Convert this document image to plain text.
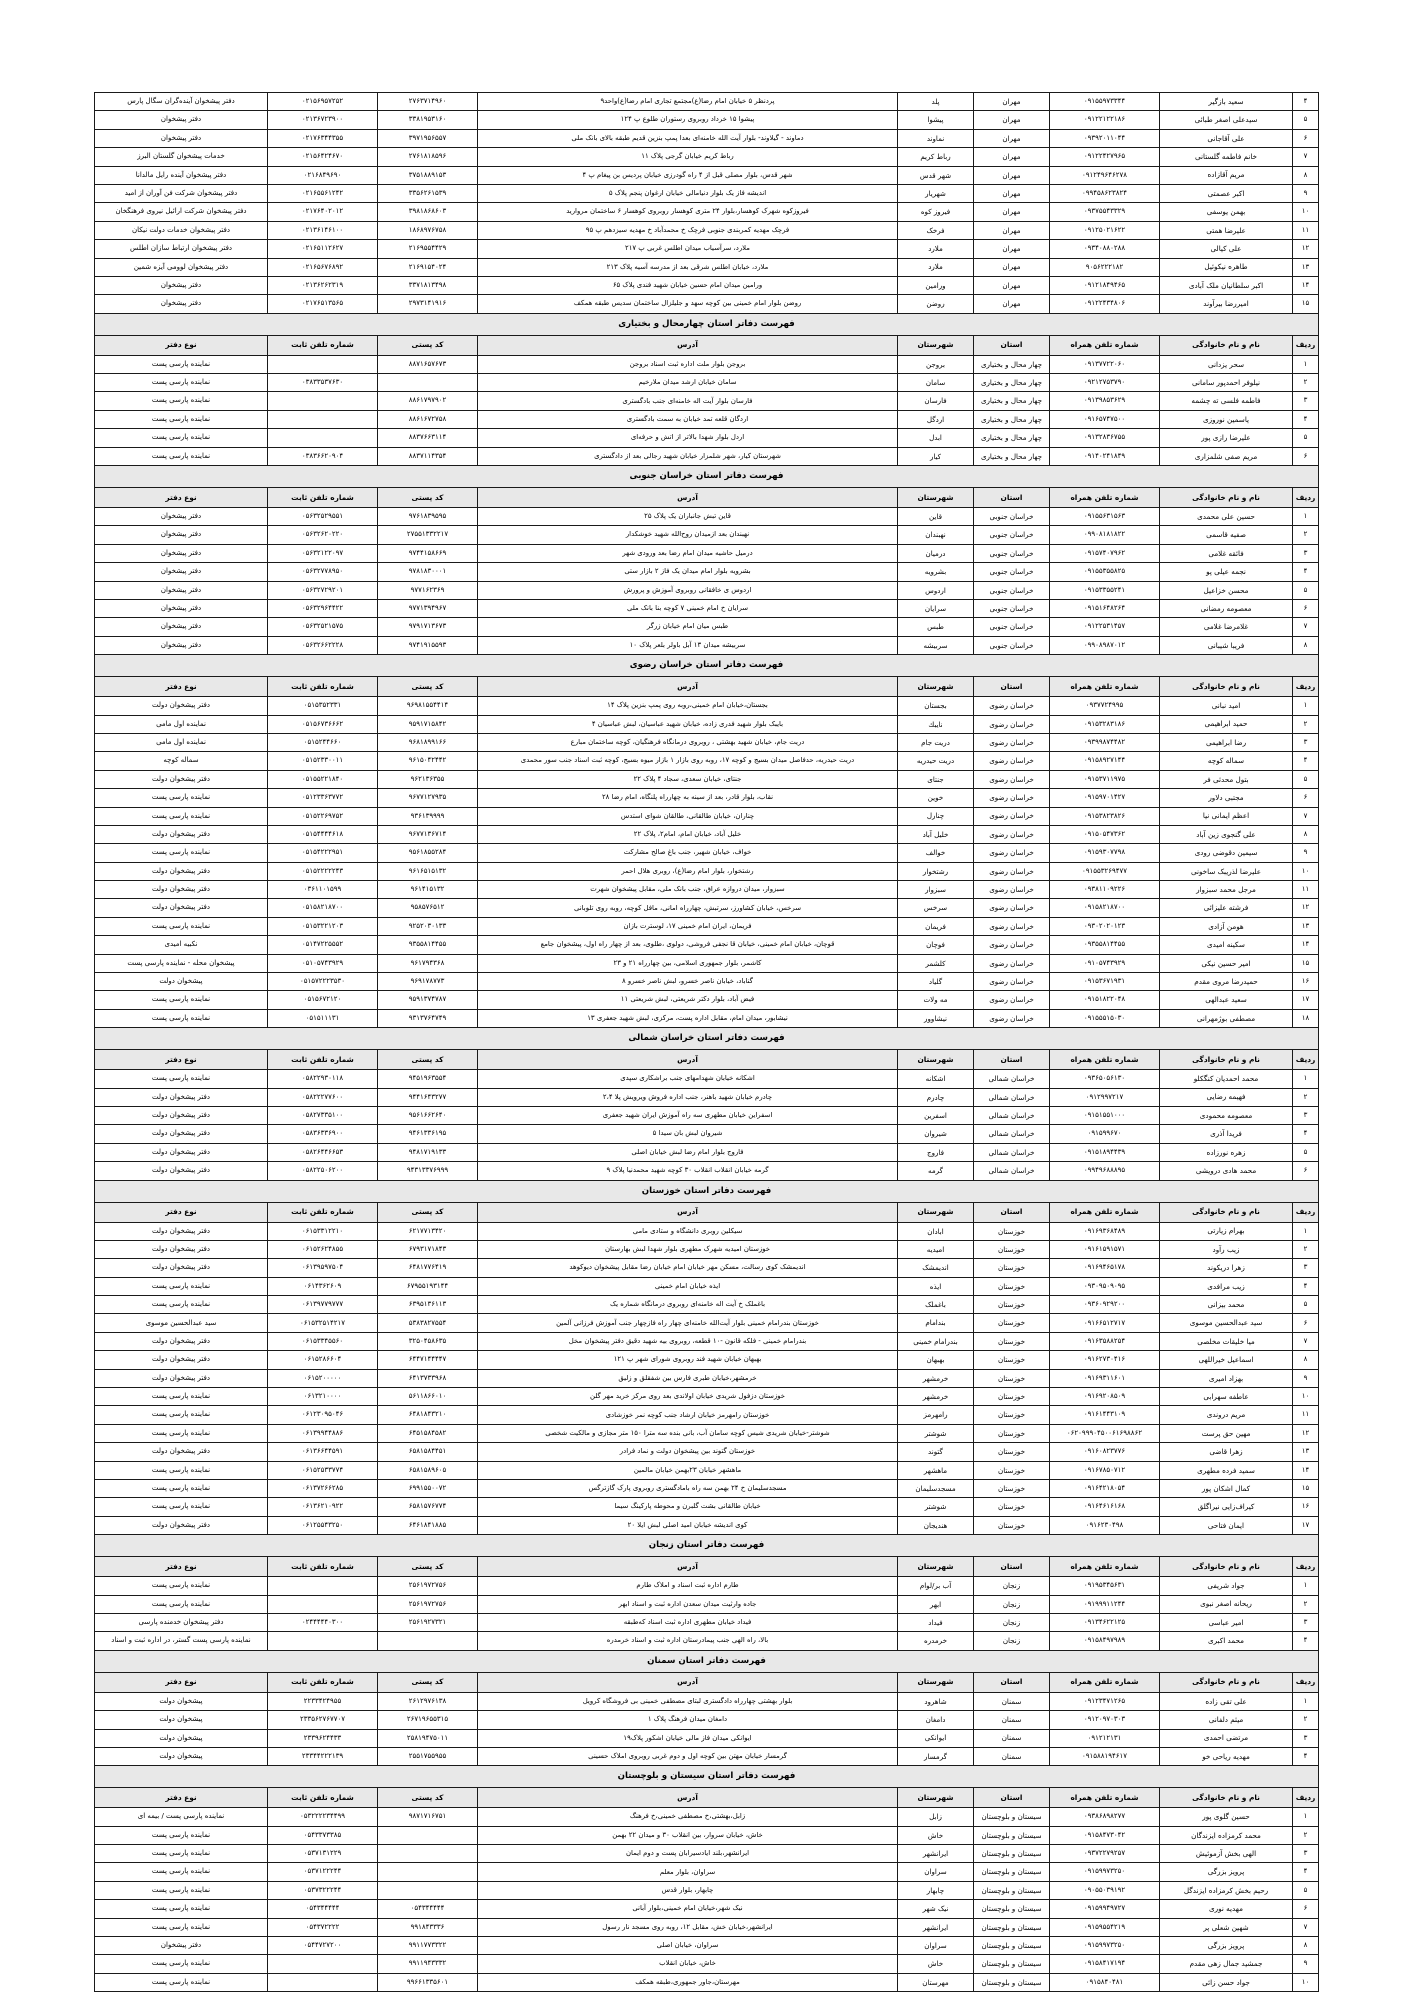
۴	سعید بازگیر	۰۹۱۵۵۹۷۳۳۴۴	مهران	پلد	پردنظر ۵ خیابان امام رضا(ع)مجتمع تجاری امام رضا(ع)واحد۹	۲۷۶۳۷۱۴۹۶۰	۰۲۱۵۶۹۵۷۲۵۲	دفتر پیشخوان آینده‌گران سگال پارس
۵	سیدعلی اصغر طبائی	۰۹۱۲۲۱۲۲۱۸۶	مهران	پیشوا	پیشوا ۱۵ خرداد روبروی رستوران طلوع پ ۱۲۴	۳۳۸۱۹۵۳۱۶۰	۰۲۱۳۶۷۲۳۹۰۰	دفتر پیشخوان
۶	علی آقاجانی	۰۹۳۹۲۰۱۱۰۴۴	مهران	نماوند	دماوند - گیلاوند- بلوار آیت الله خامنه‌ای بعدا پمپ بنزین قدیم طبقه بالای بانک ملی	۳۹۷۱۹۵۶۵۵۷	۰۲۱۷۶۳۴۴۳۵۵	دفتر پیشخوان
۷	خانم فاطمه گلستانی	۰۹۱۲۲۴۲۷۹۶۵	مهران	رباط کریم	رباط کریم خیابان گرجی پلاک ۱۱	۲۷۶۱۸۱۸۵۹۶	۰۲۱۵۶۴۲۴۶۷۰	خدمات پیشخوان گلستان البرز
۸	مریم آقازاده	۰۹۱۲۴۹۶۴۶۲۷۸	مهران	شهر قدس	شهر قدس، بلوار مصلی قبل از ۴ راه گودرزی خیابان پردیس بن پیغام پ ۴	۳۷۵۱۸۸۹۱۵۳	۰۲۱۶۸۴۹۶۹۰	دفتر پیشخوان آینده رایل مالدانا
۹	اکبر عصمتی	۰۹۹۴۵۸۶۲۳۸۲۴	مهران	شهریار	اندیشه فاز یک بلوار دنیامالی خیابان ارغوان پنجم پلاک ۵	۳۳۵۶۲۶۱۵۳۹	۰۲۱۶۵۵۶۱۲۴۲	دفتر پیشخوان شرکت فن آوران از امید
۱۰	بهمن یوسفی	۰۹۳۷۵۵۴۳۳۲۹	مهران	فیروز کوه	فیروزکوه شهرک کوهسار،بلوار ۲۴ متری کوهسار روبروی کوهسار ۶ ساختمان مروارید	۳۹۸۱۸۶۸۶۰۳	۰۲۱۷۶۴۰۲۰۱۲	دفتر پیشخوان شرکت ارائیل نیروی فرهنگخان
۱۱	علیرضا همتی	۰۹۱۲۵۰۲۱۶۲۲	مهران	فرخک	فرچک مهدیه کمربندی جنوبی فرچک خ محمدآباد خ مهدیه سیزدهم پ ۹۵	۱۸۶۸۹۷۶۷۵۸	۰۲۱۳۶۱۴۶۱۰۰	دفتر پیشخوان خدمات دولت نیکان
۱۲	علی کیالی	۰۹۳۴۰۸۸۰۲۸۸	مهران	ملارد	ملارد، سرآسیاب میدان اطلس غربی پ ۲۱۷	۲۱۶۹۵۵۴۴۲۹	۰۲۱۶۵۱۱۲۶۲۷	دفتر پیشخوان ارتباط سازان اطلس
۱۳	طاهره نیکوئیل	۹۰۵۶۲۲۲۱۸۲	مهران	ملارد	ملارد، خیابان اطلس شرقی بعد از مدرسه آسیه پلاک ۲۱۳	۲۱۶۹۱۵۴۰۲۴	۰۲۱۶۵۶۷۶۸۹۲	دفتر پیشخوان لوومی آیزه شمین
۱۴	اکبر سلطانیان ملک آبادی	۰۹۱۲۱۸۴۹۴۶۵	مهران	ورامین	ورامین میدان امام حسین خیابان شهید فندی پلاک ۶۵	۳۳۷۱۸۱۳۴۹۸	۰۲۱۳۶۲۶۲۳۱۹	دفتر پیشخوان
۱۵	امیررضا بیرآوند	۰۹۱۲۲۴۳۴۸۰۶	مهران	روضن	روضن بلوار امام خمینی بین کوچه سهد و جلیلزال ساختمان سدیس طبقه همکف	۲۹۷۳۱۴۱۹۱۶	۰۲۱۷۶۵۱۳۵۶۵	دفتر پیشخوان
فهرست دفاتر استان چهارمحال و بختیاری								
ردیف	نام و نام خانوادگی	شماره تلفن همراه	استان	شهرستان	آدرس	کد پستی	شماره تلفن ثابت	نوع دفتر
۱	سحر یزدانی	۰۹۱۳۷۷۲۲۰۶۰	چهار محال و بختیاری	بروجن	بروجن بلوار ملت اداره ثبت اسناد بروجن	۸۸۷۱۶۵۷۶۷۳		نماینده پارسی پست
۲	نیلوفر احمدپور سامانی	۰۹۲۱۲۷۵۳۷۹۰	چهار محال و بختیاری	سامان	سامان خیابان ارشد میدان ملارخیم		۰۳۸۳۳۵۳۷۶۳۰	نماینده پارسی پست
۳	فاطمه فلسی ته چشمه	۰۹۱۳۹۸۵۳۶۲۹	چهار محال و بختیاری	فارسان	فارسان بلوار آیت اله خامنه‌ای جنب بادگستری	۸۸۶۱۷۹۷۹۰۲		نماینده پارسی پست
۴	یاسمین نوروزی	۰۹۱۶۵۷۴۷۵۰۰	چهار محال و بختیاری	اردگل	اردگان قلعه تمد خیابان به سمت بادگستری	۸۸۶۱۶۷۲۷۵۸		نماینده پارسی پست
۵	علیرضا رازی پور	۰۹۱۳۲۸۳۶۷۵۵	چهار محال و بختیاری	ابدل	اردل بلوار شهدا بالاتر از اتش و حرفه‌ای	۸۸۳۷۶۶۳۱۱۴		نماینده پارسی پست
۶	مریم صفی شلمزاری	۰۹۱۴۰۲۴۱۸۴۹	چهار محال و بختیاری	کیار	شهرستان کیار، شهر شلمزار خیابان شهید رجالی بعد از دادگستری	۸۸۳۷۱۱۴۳۵۴	۰۳۸۳۶۶۲۰۹۰۴	نماینده پارسی پست
فهرست دفاتر استان خراسان جنوبی								
ردیف	نام و نام خانوادگی	شماره تلفن همراه	استان	شهرستان	آدرس	کد پستی	شماره تلفن ثابت	نوع دفتر
۱	حسین علی محمدی	۰۹۱۵۵۶۳۱۵۶۳	خراسان جنوبی	قاین	قاین تبش جانباران یک پلاک ۲۵	۹۷۶۱۸۳۹۵۹۵	۰۵۶۳۲۵۲۹۵۵۱	دفتر پیشخوان
۲	صفیه قاسمی	۰۹۹۰۸۱۸۱۸۲۲	خراسان جنوبی	نهبندان	نهبندان بعد ازمیدان روح‌الله شهید خوشکدار	۲۷۵۵۱۳۳۲۲۱۷	۰۵۶۳۲۶۲۰۲۲۰	دفتر پیشخوان
۳	فائقه غلامی	۰۹۱۵۷۴۰۷۹۶۲	خراسان جنوبی	درمیان	درمیل حاشیه میدان امام رضا بعد ورودی شهر	۹۷۴۴۱۵۸۶۶۹	۰۵۶۳۲۱۲۲۰۹۷	دفتر پیشخوان
۴	نجمه عیلی پو	۰۹۱۵۵۳۵۵۸۲۵	خراسان جنوبی	بشرویه	بشرویه بلوار امام میدان یک فاز ۲ بازار ستی	۹۷۸۱۸۳۰۰۰۱	۰۵۶۳۲۷۷۸۹۵۰	دفتر پیشخوان
۵	محسن خزاعیل	۰۹۱۵۳۳۵۵۲۴۱	خراسان جنوبی	اردوس	اردوس ی خافقانی روبروی آموزش و پرورش	۹۷۷۱۶۲۳۶۹	۰۵۶۳۲۷۲۹۲۰۱	دفتر پیشخوان
۶	معصومه رمضانی	۰۹۱۵۱۶۴۸۲۶۴	خراسان جنوبی	سرایان	سرایان خ امام خمینی ۷ کوچه بنا بانک ملی	۹۷۷۱۳۹۴۹۶۷	۰۵۶۳۲۹۶۴۴۲۲	دفتر پیشخوان
۷	غلامرضا غلامی	۰۹۱۲۲۵۳۱۴۵۷	خراسان جنوبی	طبس	طبس میان امام خیابان زرگر	۹۷۹۱۷۱۳۶۷۳	۰۵۶۳۲۵۲۱۵۷۵	دفتر پیشخوان
۸	فریبا شیبانی	۰۹۹۰۸۹۸۷۰۱۲	خراسان جنوبی	سربیشه	سربیشه میدان ۱۳ آبل باولر بلعر پلاک ۱۰	۹۷۴۱۹۱۵۵۹۳	۰۵۶۳۲۶۶۲۲۲۸	دفتر پیشخوان
فهرست دفاتر استان خراسان رضوی								
ردیف	نام و نام خانوادگی	شماره تلفن همراه	استان	شهرستان	آدرس	کد پستی	شماره تلفن ثابت	نوع دفتر
۱	امید نبانی	۰۹۳۷۷۲۴۹۹۵	خراسان رضوی	بجستان	بجستان،خیابان امام خمینی،روبه روی پمپ بنزین پلاک ۱۴	۹۶۹۸۱۵۵۴۴۱۴	۰۵۱۵۳۵۲۳۳۱	دفتر پیشخوان دولت
۲	حمید ابراهیمی	۰۹۱۵۳۲۸۳۱۸۶	خراسان رضوی	نایبك	بایبک بلوار شهید فدری زاده، خیابان شهید عباسیان، لبش عباسیان ۴	۹۵۹۱۷۱۵۸۴۲	۰۵۱۵۶۷۳۶۶۶۲	نماینده اول مامی
۳	رضا ابراهیمی	۰۹۳۹۹۸۷۴۴۸۲	خراسان رضوی	دریت جام	دریت جام، خیابان شهید بهشتی ، روبروی درمانگاه فرهنگیان، کوچه ساختمان مبارع	۹۶۸۱۸۹۹۱۶۶	۰۵۱۵۲۴۴۶۶۰	نماینده اول مامی
۴	سماله کوچه	۰۹۱۵۸۹۲۷۱۴۴	خراسان رضوی	دریت حیدریه	دریت حیدریه، حدفاصل میدان بسیج و کوچه ۱۷، روبه روی بازار ۱ بازار میوه بسیج، کوچه ثبت اسناد جنب سور محمدی	۹۶۱۵۰۴۲۴۴۲	۰۵۱۵۲۳۳۰۰۱۱	سماله کوچه
۵	بتول محدثی فر	۰۹۱۵۳۷۱۱۹۷۵	خراسان رضوی	جنتای	جنتای، خیابان سعدی، سجاد ۴ پلاک ۲۲	۹۶۲۱۳۶۳۵۵	۰۵۱۵۵۲۲۱۸۴۰	دفتر پیشخوان دولت
۶	مجتبی دلاور	۰۹۱۵۹۷۰۱۴۲۷	خراسان رضوی	خوین	نقاب، بلوار قادر، بعد از سینه به چهارراه پلنگاه، امام رضا ۲۸	۹۶۷۷۱۲۷۹۳۵	۰۵۱۲۳۳۶۳۷۷۲	نماینده پارسی پست
۷	اعظم ایمانی نیا	۰۹۱۵۳۸۲۳۸۲۶	خراسان رضوی	چنارل	چناران، خیابان طالقانی، طالقان شوای استدس	۹۳۶۱۳۹۹۹۹	۰۵۱۵۲۲۶۹۷۵۲	نماینده پارسی پست
۸	علی گنجوی زین آباد	۰۹۱۵۰۵۴۷۳۶۲	خراسان رضوی	خلیل آباد	خلیل آباد، خیابان امام، امام۲، پلاک ۲۲	۹۶۷۷۱۳۶۷۱۴	۰۵۱۵۴۴۴۴۶۱۸	دفتر پیشخوان دولت
۹	سیمین دقوضی رودی	۰۹۱۵۹۳۰۷۷۹۸	خراسان رضوی	خوالف	خواف، خیابان شهیر، جنب باغ صالح مشارکت	۹۵۶۱۸۵۵۲۸۴	۰۵۱۵۴۲۲۲۹۵۱	نماینده پارسی پست
۱۰	علیرضا لذریبک ساخونی	۰۹۱۵۵۳۲۶۹۴۷۷	خراسان رضوی	رشتخوار	رشتخوار، بلوار امام رضا(ع)، روبری هلال احمر	۹۶۱۶۵۱۵۱۳۲	۰۵۱۵۲۲۲۲۲۴۳	دفتر پیشخوان دولت
۱۱	مرجل محمد سبزوار	۰۹۳۸۱۱۰۹۲۲۶	خراسان رضوی	سبزوار	سبزوار، میدان دروازه عراق، جنب بانک ملی، مقابل پیشخوان شهرت	۹۶۱۴۱۵۱۳۲	۰۳۶۱۱۰۱۵۹۹	دفتر پیشخوان دولت
۱۲	فرشته علیزائی	۰۹۱۵۸۲۱۸۷۰۰	خراسان رضوی	سرخس	سرخس، خیابان کشاورز، سرتبش، چهارراه امانی، مافل کوچه، روبه روی تلوبانی	۹۵۸۵۷۶۵۱۲	۰۵۱۵۸۲۱۸۷۰۰	دفتر پیشخوان دولت
۱۳	هومن آزادی	۰۹۳۰۲۰۲۰۱۲۳	خراسان رضوی	فریمان	فریمان، ایران امام خمینی ۱۷، لوسترت بازان	۹۲۵۲۰۳۰۱۳۳	۰۵۱۵۳۲۲۱۲۰۳	نماینده پارسی پست
۱۴	سکینه امیدی	۰۹۳۵۵۸۱۴۴۵۵	خراسان رضوی	فوچان	قوچان، خیابان امام خمینی، خیابان قا نجفی فروشی، دولوی ،طلوی، بعد از چهار راه اول، پیشخوان جامع	۹۳۵۵۸۱۴۴۵۵	۰۵۱۴۷۲۲۵۵۵۲	نکبیه امیدی
۱۵	امیر حسین نیکی	۰۹۱۰۵۷۴۳۹۲۹	خراسان رضوی	کلشمر	کاشمر، بلوار جمهوری اسلامی، بین چهارراه ۲۱ و ۲۳	۹۶۱۷۹۴۳۶۸	۰۵۱۰۵۷۴۳۹۲۹	پیشخوان محله - نماینده پارسی پست
۱۶	حمیدرضا مروی مقدم	۰۹۱۵۳۶۷۱۹۳۱	خراسان رضوی	گلیاد	گناباد، خیابان ناصر خسرو، لبش ناصر خسرو ۸	۹۶۹۱۷۸۷۷۳	۰۵۱۵۷۲۲۲۳۵۳۰	پیشخوان دولت
۱۷	سعید عبدالهی	۰۹۱۵۱۸۲۲۰۴۸	خراسان رضوی	مه ولات	فیض آباد، بلوار دکتر شریعتی، لبش شریعتی ۱۱	۹۵۹۱۳۷۴۷۸۷	۰۵۱۵۶۷۲۱۲۰	نماینده پارسی پست
۱۸	مصطفی بوژمهرانی	۰۹۱۵۵۵۱۵۰۳۰	خراسان رضوی	نیشاوور	نیشابور، میدان امام، مقابل اداره پست، مرکزی، لبش شهید جعفری ۱۳	۹۳۱۳۷۶۴۷۴۹	۰۵۱۵۱۱۱۳۱	نماینده پارسی پست
فهرست دفاتر استان خراسان شمالی								
ردیف	نام و نام خانوادگی	شماره تلفن همراه	استان	شهرستان	آدرس	کد پستی	شماره تلفن ثابت	نوع دفتر
۱	محمد احمدیان کنگکلو	۰۹۳۶۵۰۵۶۱۳۰	خراسان شمالی	اشکانه	اشکانه خیابان شهدامهای جنب براشکاری سپدی	۹۴۵۱۹۶۳۵۵۴	۰۵۸۲۲۹۳۰۱۱۸	نماینده پارسی پست
۲	فهیمه رضایی	۰۹۱۲۹۹۷۲۱۷	خراسان شمالی	چادرم	چادرم خیابان شهید باهنر، جنب اداره فروش ویرویش پلا ۲،۴	۹۴۴۱۶۴۳۲۷۷	۰۵۸۲۲۲۷۷۶۰۰	دفتر پیشخوان دولت
۳	معصومه محمودی	۰۹۱۵۱۵۵۱۰۰۰	خراسان شمالی	اسفرین	اسفراین خیابان مطهری سه راه آموزش ایران شهید جعفری	۹۵۶۱۶۶۲۶۴۰	۰۵۸۲۷۳۳۵۱۰۰	دفتر پیشخوان دولت
۴	فریدا آذری	۰۹۱۵۹۹۶۷۰	خراسان شمالی	شیروان	شیروان لبش بان سیدا ۵	۹۴۶۱۳۳۶۱۹۵	۰۵۸۳۶۳۳۶۹۰۰	دفتر پیشخوان دولت
۵	زهره نورزاده	۰۹۱۵۱۸۹۴۴۳۹	خراسان شمالی	فاروج	فاروج بلوار امام رضا لبش خیابان اصلی	۹۴۸۱۷۱۹۱۳۳	۰۵۸۲۶۴۴۶۶۵۳	دفتر پیشخوان دولت
۶	محمد هادی درویشی	۰۹۹۴۹۶۸۸۸۹۵	خراسان شمالی	گرمه	گرمه خیابان انقلاب انقلاب ۳۰ کوچه شهید محمدنیا پلاک ۹	۹۴۳۱۳۳۷۶۹۹۹	۰۵۸۲۲۵۰۶۲۰۰	دفتر پیشخوان دولت
فهرست دفاتر استان خوزستان								
ردیف	نام و نام خانوادگی	شماره تلفن همراه	استان	شهرستان	آدرس	کد پستی	شماره تلفن ثابت	نوع دفتر
۱	بهرام زیارتی	۰۹۱۶۹۳۶۸۴۸۹	خوزستان	ابادان	سیکلین روبری دانشگاه و ستادی مامی	۶۲۱۷۷۱۳۴۲۰	۰۶۱۵۳۳۱۲۲۱۰	دفتر پیشخوان دولت
۲	زیب رآود	۰۹۱۶۱۵۹۱۵۷۱	خوزستان	امیدیه	خوزستان امیدیه شهرک مطهری بلوار شهدا لبش بهارستان	۶۷۹۳۱۷۱۸۴۳	۰۶۱۵۲۶۲۴۸۵۵	دفتر پیشخوان دولت
۳	زهرا دریکوند	۰۹۱۶۹۴۶۵۱۷۸	خوزستان	اندیمشک	اندیمشک کوی رسالت، مسکن مهر خیابان امام خیابان رضا مقابل پیشخوان دیوکوهد	۶۴۸۱۷۷۶۴۱۹	۰۶۱۳۹۵۹۷۵۰۴	دفتر پیشخوان دولت
۴	زیب مرافدی	۰۹۳۰۹۵۰۹۰۹۵	خوزستان	ایذه	ایذه خیابان امام خمینی	۶۷۹۵۵۱۹۳۱۴۴	۰۶۱۴۳۶۲۶۰۹	نماینده پارسی پست
۵	محمد بیزانی	۰۹۳۶۰۹۲۹۲۰۰	خوزستان	باغملک	باغملک خ آیت اله خامنه‌ای روبروی درمانگاه شماره یک	۶۳۹۵۱۳۶۱۱۳	۰۶۱۳۹۷۷۹۷۷۷	نماینده پارسی پست
۶	سید عبدالحسین موسوی	۰۹۱۶۶۵۱۲۷۱۷	خوزستان	بندامام	خوزستان بندرامام خمینی بلوار آیت‌الله خامنه‌ای چهار راه فازچهار جنب آموزش فرزانی آلمین	۵۳۸۳۸۲۷۵۵۴	۰۶۱۵۳۲۵۱۴۲۱۷	سید عبدالحسین موسوی
۷	میا خلیقات مخلصی	۰۹۱۶۳۵۸۸۲۵۴	خوزستان	بندرامام خمینی	بندرامام خمینی - فلکه قانون -۱۰ قطعه، روبروی بیه شهید دقیق دفتر پیشخوان مخل	۳۲۵۰۴۵۸۶۳۵	۰۶۱۵۳۳۴۵۵۶۰	دفتر پیشخوان دولت
۸	اسماعیل خیراللهی	۰۹۱۶۲۷۳۰۴۱۶	خوزستان	بهبهان	بهبهان خیابان شهید فند روبروی شورای شهر پ ۱۲۱	۶۴۴۷۱۴۴۴۴۷	۰۶۱۵۲۸۶۶۰۴	دفتر پیشخوان دولت
۹	بهزاد امیری	۰۹۱۶۹۳۱۱۶۰۱	خوزستان	خرمشهر	خرمشهر،خیابان طبری فارس بین شفقلق و زلیق	۶۴۱۳۷۳۳۹۶۸	۰۶۱۵۲۰۰۰۰۰	دفتر پیشخوان دولت
۱۰	عاطفه سهرابی	۰۹۱۶۹۲۰۸۵۰۹	خوزستان	خرمشهر	خوزستان دزفول شریدی خیابان اولاندی بعد روی مرکز خرید مهر گلن	۵۶۱۱۸۶۶۰۱۰	۰۶۱۳۲۱۰۰۰۰	نماینده پارسی پست
۱۱	مریم دروندی	۰۹۱۶۱۴۴۳۱۰۹	خوزستان	رامهرمز	خوزستان رامهرمز خیابان ارشاد جنب کوچه نمر خوزشادی	۶۴۸۱۸۴۳۲۱۰	۰۶۱۲۳۰۹۵۰۴۶	نماینده پارسی پست
۱۲	مهین حق پرست	۰۶۲۰۹۹۹۰۴۵۰۰۶۱۶۹۸۸۶۲	خوزستان	شوشتر	شوشتر-خیابان شریدی شیس کوچه سامان آب، بانی بنده سه مترا ۱۵۰ متر مجازی و مالکیت شخصی	۶۴۵۱۵۸۴۵۸۲	۰۶۱۳۹۹۴۴۸۸۶	نماینده پارسی پست
۱۳	زهرا قاضی	۰۹۱۶۰۸۲۳۷۷۶	خوزستان	گتوند	خوزستان گتوند بین پیشخوان دولت و نماد فرادر	۶۵۸۱۵۸۴۴۵۱	۰۶۱۳۶۶۴۴۵۹۱	دفتر پیشخوان دولت
۱۴	سمید فرده مطهری	۰۹۱۶۷۸۵۰۷۱۲	خوزستان	ماهشهر	ماهشهر خیابان ۲۳بهمن خیابان مالمین	۶۵۸۱۵۸۹۶۰۵	۰۶۱۵۲۵۳۳۷۷۴	نماینده پارسی پست
۱۵	کمال اشکان پور	۰۹۱۶۴۲۱۸۰۵۴	خوزستان	مسجدسلیمان	مسجدسلیمان خ ۲۴ بهمن سه راه بامادگستری روبروی پارک گازترگس	۶۹۹۱۵۵۰۰۷۲	۰۶۱۳۷۲۶۶۲۸۵	نماینده پارسی پست
۱۶	کیراف‌زایی نیراگلق	۰۹۱۶۴۶۱۶۱۶۸	خوزستان	شوشتر	خیابان طالقانی بشت گلبرن و محوطه پارکینگ سیما	۶۵۸۱۵۷۶۷۷۴	۰۶۱۳۶۲۱۰۹۲۲	نماینده پارسی پست
۱۷	ایمان فتاحی	۰۹۱۶۲۳۰۴۹۸	خوزستان	هندیجان	کوی اندیشه خیابان امید اصلی لبش ایلا ۲۰	۶۴۶۱۸۴۱۸۸۵	۰۶۱۲۵۵۴۳۲۵۰	دفتر پیشخوان دولت
فهرست دفاتر استان زنجان								
ردیف	نام و نام خانوادگی	شماره تلفن همراه	استان	شهرستان	آدرس	کد پستی	شماره تلفن ثابت	نوع دفتر
۱	جواد شریفی	۰۹۱۹۵۳۴۵۶۳۱	زنجان	آب بر/لوام	طارم اداره ثبت اسناد و املاک طارم	۲۵۶۱۹۷۲۷۵۶		نماینده پارسی پست
۲	ریحانه اصغر نبوی	۰۹۱۹۹۹۱۱۲۴۴	زنجان	ابهر	جاده وارثیت میدان سعدن اداره ثبت و اسناد ابهر	۲۵۶۱۹۷۲۷۵۶		نماینده پارسی پست
۳	امیر عباسی	۰۹۱۳۴۶۲۲۱۲۵	زنجان	فیداد	فیداد خیابان مطهری اداره ثبت اسناد که‌طبقه	۲۵۶۱۹۲۷۳۲۱	۰۲۴۴۴۴۴۰۳۰۰	دفتر پیشخوان خدمنده پارسی
۴	محمد اکبری	۰۹۱۵۸۴۹۷۹۸۹	زنجان	خرمدره	بالا، راه الهی جنب پیمادرستان اداره ثبت و اسناد خرمدره			نماینده پارسی پست گستر، در اداره ثبت و اسناد
فهرست دفاتر استان سمنان								
ردیف	نام و نام خانوادگی	شماره تلفن همراه	استان	شهرستان	آدرس	کد پستی	شماره تلفن ثابت	نوع دفتر
۱	علی تقی زاده	۰۹۱۲۳۴۷۱۲۶۵	سمنان	شاهرود	بلوار بهشتی چهارراه دادگستری لبتای مصطفی خمینی بی فروشگاه کرویل	۲۶۱۲۹۷۶۱۳۸	۲۲۳۳۴۲۴۹۵۵	پیشخوان دولت
۲	میثم دلفانی	۰۹۱۲۰۹۷۰۳۰۳	سمنان	دامغان	دامغان میدان فرهنگ پلاک ۱	۲۶۷۱۹۶۵۵۳۱۵	۲۳۳۵۶۲۷۶۷۷۰۷	پیشخوان دولت
۳	مرتضی احمدی	۰۹۱۲۱۲۱۳۱	سمنان	ایوانکی	ایوانکی میدان فاز مالی خیابان اشکور پلاک۱۹	۲۵۸۱۹۴۷۵۰۱۱	۲۳۳۹۶۲۴۴۳۳	پیشخوان دولت
۴	مهدیه ریاحی خو	۰۹۱۵۸۸۱۹۴۶۱۷	سمنان	گرمسار	گرمسار خیابان مهتن بین کوچه اول و دوم غربی روبروی املاک حسینی	۲۵۵۱۷۵۵۹۵۵	۲۳۳۴۴۲۲۲۱۳۹	پیشخوان دولت
فهرست دفاتر استان سیستان و بلوچستان								
ردیف	نام و نام خانوادگی	شماره تلفن همراه	استان	شهرستان	آدرس	کد پستی	شماره تلفن ثابت	نوع دفتر
۱	حسین گلوی پور	۰۹۳۸۶۸۹۸۲۷۷	سیستان و بلوچستان	زابل	زابل،بهشتی،خ مصطفی خمینی،خ فرهنگ	۹۸۷۱۷۱۶۷۵۱	۰۵۳۲۲۲۲۳۴۴۹۹	نماینده پارسی پست / بیمه ای
۲	محمد کرمزاده ایزندگان	۰۹۱۵۸۴۷۳۰۴۲	سیستان و بلوچستان	خاش	خاش، خیابان سروار، بین انقلاب ۳۰ و میدان ۲۲ بهمن		۰۵۴۳۳۷۳۳۸۵	نماینده پارسی پست
۳	الهی بخش آزموئیش	۰۹۳۷۲۲۷۹۲۵۷	سیستان و بلوچستان	ایرانشهر	ایرانشهر،بلند ایادسیرابان پست و دوم ایمان		۰۵۳۷۱۳۱۲۲۹	نماینده پارسی پست
۴	پرویز بزرگی	۰۹۱۵۹۹۷۳۲۵۰	سیستان و بلوچستان	سراوان	سراوان، بلوار معلم		۰۵۳۷۱۲۲۲۴۴	نماینده پارسی پست
۵	رحیم بخش کرمزاده ایزندگل	۰۹۰۵۵۰۳۹۱۹۲	سیستان و بلوچستان	چابهار	چابهار، بلوار قدس		۰۵۳۷۳۲۲۲۴۴	نماینده پارسی پست
۶	مهدیه نوری	۰۹۱۵۹۹۴۹۷۲۷	سیستان و بلوچستان	نیک شهر	نیک شهر،خیابان امام خمینی،بلوار آبانی	۰۵۴۳۴۴۴۴۴	۰۵۴۳۴۴۴۴۴	نماینده پارسی پست
۷	شهین شعلی پر	۰۹۱۵۹۵۵۴۲۱۹	سیستان و بلوچستان	ایرانشهر	ایرانشهر،خیابان خش، مقابل ۱۲، روبه روی مسجد نار رسول	۹۹۱۸۴۳۳۳۶	۰۵۴۳۷۲۲۲۲	نماینده پارسی پست
۸	پرویز بزرگی	۰۹۱۵۹۹۷۳۲۵۰	سیستان و بلوچستان	سراوان	سراوان، خیابان اصلی	۹۹۱۱۷۷۳۳۲۲	۰۵۴۴۷۲۷۲۰۰	دفتر پیشخوان
۹	جمشید جمال زهی مقدم	۰۹۱۵۸۴۱۷۱۹۴	سیستان و بلوچستان	خاش	خاش، خیابان انقلاب	۹۹۱۱۹۴۳۳۳۲		نماینده پارسی پست
۱۰	جواد حسن زائی	۰۹۱۵۸۴۰۴۸۱	سیستان و بلوچستان	مهرستان	مهرستان،جاور جمهوری،طبقه همکف	۹۹۶۶۱۳۳۵۶۰۱		نماینده پارسی پست
